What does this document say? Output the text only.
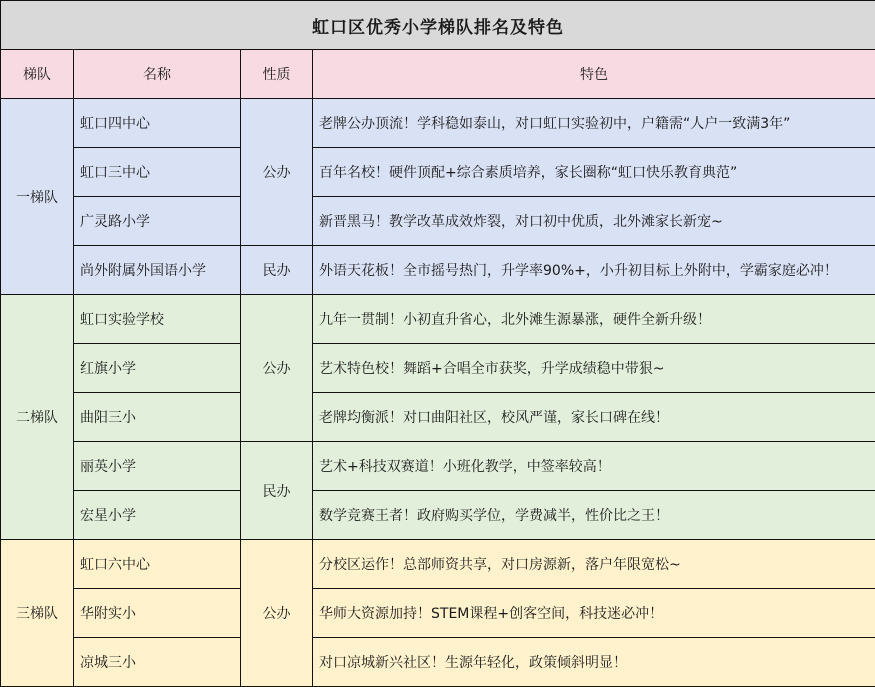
虹口区优秀小学梯队排名及特色			
梯队	名称	性质	特色
一梯队	虹口四中心	公办	老牌公办顶流！学科稳如泰山，对口虹口实验初中，户籍需“人户一致满3年”
	虹口三中心		百年名校！硬件顶配+综合素质培养，家长圈称“虹口快乐教育典范”
	广灵路小学		新晋黑马！教学改革成效炸裂，对口初中优质，北外滩家长新宠~
	尚外附属外国语小学	民办	外语天花板！全市摇号热门，升学率90%+，小升初目标上外附中，学霸家庭必冲！
二梯队	虹口实验学校	公办	九年一贯制！小初直升省心，北外滩生源暴涨，硬件全新升级！
	红旗小学		艺术特色校！舞蹈+合唱全市获奖，升学成绩稳中带狠~
	曲阳三小		老牌均衡派！对口曲阳社区，校风严谨，家长口碑在线！
	丽英小学	民办	艺术+科技双赛道！小班化教学，中签率较高！
	宏星小学		数学竞赛王者！政府购买学位，学费减半，性价比之王！
三梯队	虹口六中心	公办	分校区运作！总部师资共享，对口房源新，落户年限宽松~
	华附实小		华师大资源加持！STEM课程+创客空间，科技迷必冲！
	凉城三小		对口凉城新兴社区！生源年轻化，政策倾斜明显！
